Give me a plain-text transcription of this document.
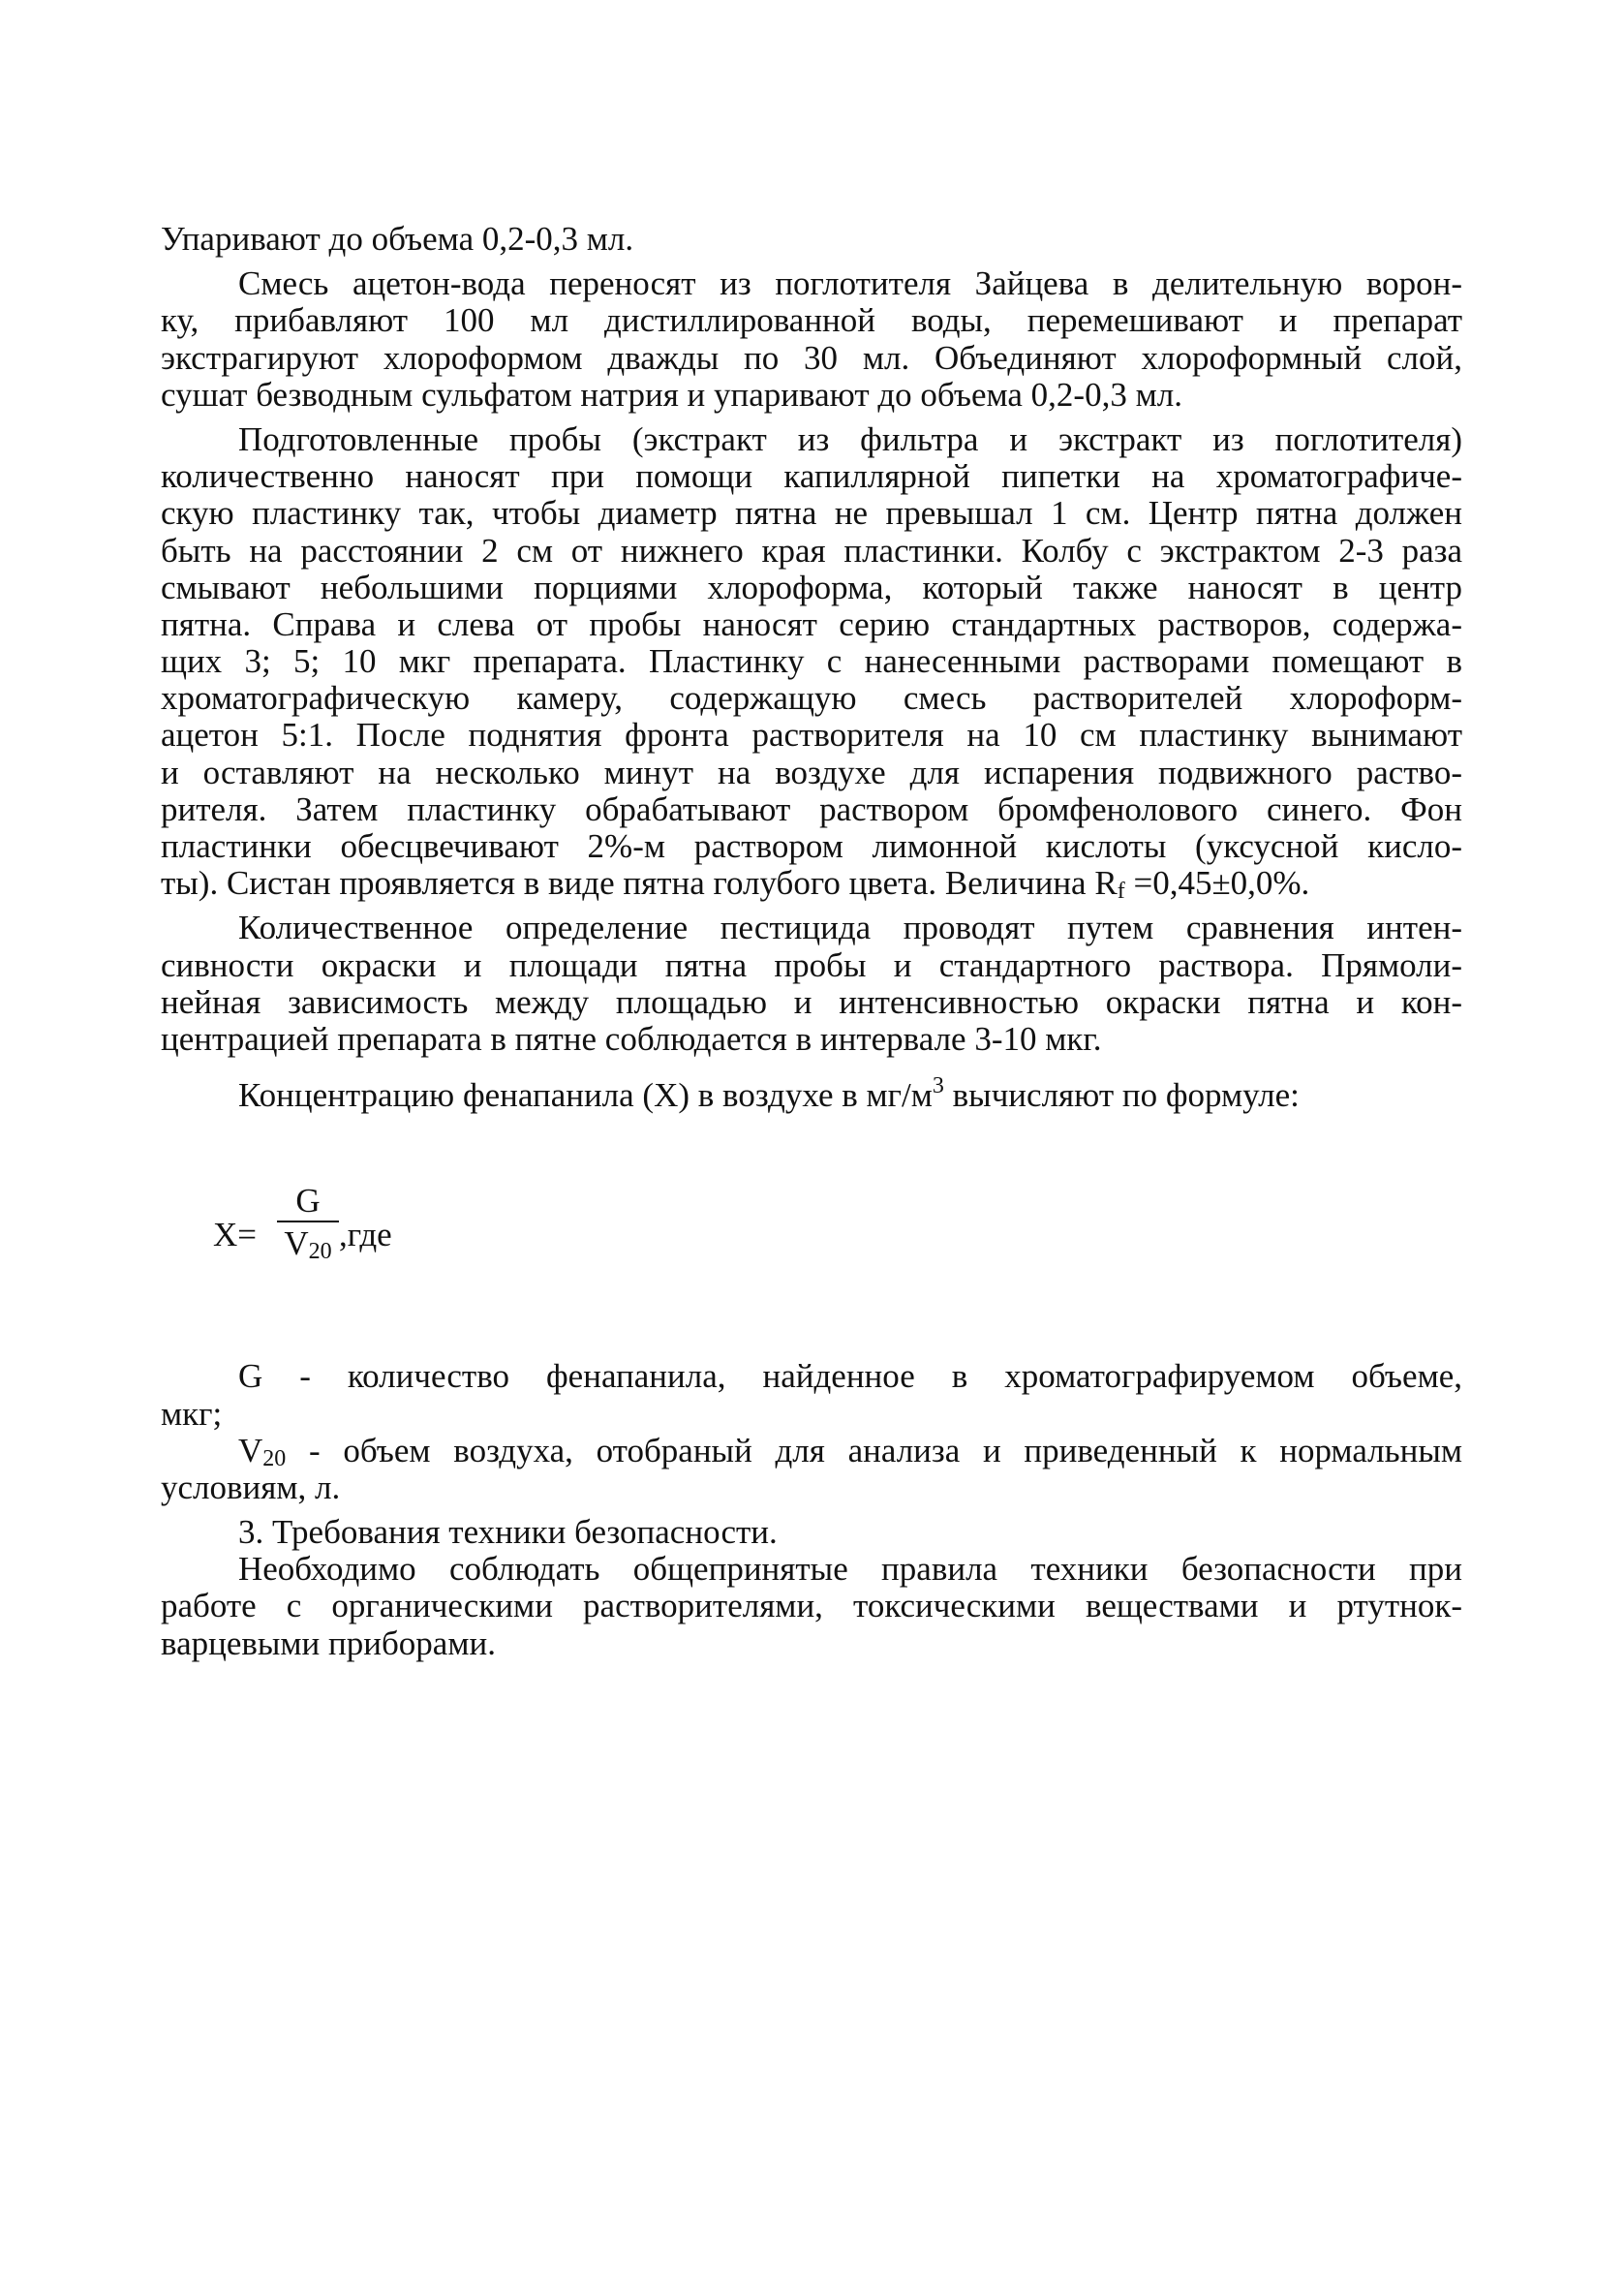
Упаривают до объема 0,2-0,3 мл.
Смесь ацетон-вода переносят из поглотителя Зайцева в делительную ворон-
ку, прибавляют 100 мл дистиллированной воды, перемешивают и препарат
экстрагируют хлороформом дважды по 30 мл. Объединяют хлороформный слой,
сушат безводным сульфатом натрия и упаривают до объема 0,2-0,3 мл.
Подготовленные пробы (экстракт из фильтра и экстракт из поглотителя)
количественно наносят при помощи капиллярной пипетки на хроматографиче-
скую пластинку так, чтобы диаметр пятна не превышал 1 см. Центр пятна должен
быть на расстоянии 2 см от нижнего края пластинки. Колбу с экстрактом 2-3 раза
смывают небольшими порциями хлороформа, который также наносят в центр
пятна. Справа и слева от пробы наносят серию стандартных растворов, содержа-
щих 3; 5; 10 мкг препарата. Пластинку с нанесенными растворами помещают в
хроматографическую камеру, содержащую смесь растворителей хлороформ-
ацетон 5:1. После поднятия фронта растворителя на 10 см пластинку вынимают
и оставляют на несколько минут на воздухе для испарения подвижного раство-
рителя. Затем пластинку обрабатывают раствором бромфенолового синего. Фон
пластинки обесцвечивают 2%-м раствором лимонной кислоты (уксусной кисло-
ты). Систан проявляется в виде пятна голубого цвета. Величина Rf =0,45±0,0%.
Количественное определение пестицида проводят путем сравнения интен-
сивности окраски и площади пятна пробы и стандартного раствора. Прямоли-
нейная зависимость между площадью и интенсивностью окраски пятна и кон-
центрацией препарата в пятне соблюдается в интервале 3-10 мкг.
Концентрацию фенапанила (X) в воздухе в $мг/м^3$ вычисляют по формуле:
X=
G
$V_{20}$ ,где
G - количество фенапанила, найденное в хроматографируемом объеме,
мкг;
V20 - объем воздуха, отобраный для анализа и приведенный к нормальным
условиям, л.
3. Требования техники безопасности.
Необходимо соблюдать общепринятые правила техники безопасности при
работе с органическими растворителями, токсическими веществами и ртутнок-
варцевыми приборами.
